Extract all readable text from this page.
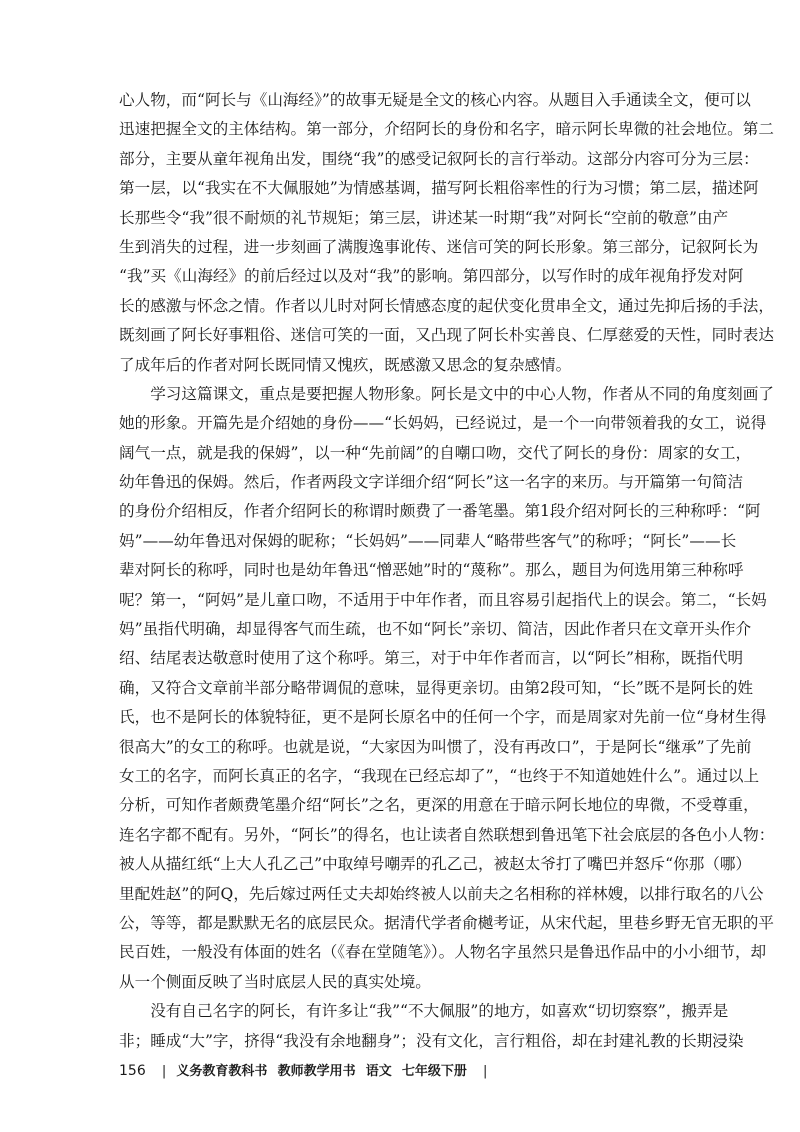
心人物，而“阿长与《山海经》”的故事无疑是全文的核心内容。从题目入手通读全文，便可以
迅速把握全文的主体结构。第一部分，介绍阿长的身份和名字，暗示阿长卑微的社会地位。第二
部分，主要从童年视角出发，围绕“我”的感受记叙阿长的言行举动。这部分内容可分为三层：
第一层，以“我实在不大佩服她”为情感基调，描写阿长粗俗率性的行为习惯；第二层，描述阿
长那些令“我”很不耐烦的礼节规矩；第三层，讲述某一时期“我”对阿长“空前的敬意”由产
生到消失的过程，进一步刻画了满腹逸事讹传、迷信可笑的阿长形象。第三部分，记叙阿长为
“我”买《山海经》的前后经过以及对“我”的影响。第四部分，以写作时的成年视角抒发对阿
长的感激与怀念之情。作者以儿时对阿长情感态度的起伏变化贯串全文，通过先抑后扬的手法，
既刻画了阿长好事粗俗、迷信可笑的一面，又凸现了阿长朴实善良、仁厚慈爱的天性，同时表达
了成年后的作者对阿长既同情又愧疚，既感激又思念的复杂感情。
　　学习这篇课文，重点是要把握人物形象。阿长是文中的中心人物，作者从不同的角度刻画了
她的形象。开篇先是介绍她的身份——“长妈妈，已经说过，是一个一向带领着我的女工，说得
阔气一点，就是我的保姆”，以一种“先前阔”的自嘲口吻，交代了阿长的身份：周家的女工，
幼年鲁迅的保姆。然后，作者两段文字详细介绍“阿长”这一名字的来历。与开篇第一句简洁
的身份介绍相反，作者介绍阿长的称谓时颇费了一番笔墨。第1段介绍对阿长的三种称呼：“阿
妈”——幼年鲁迅对保姆的昵称；“长妈妈”——同辈人“略带些客气”的称呼；“阿长”——长
辈对阿长的称呼，同时也是幼年鲁迅“憎恶她”时的“蔑称”。那么，题目为何选用第三种称呼
呢？第一，“阿妈”是儿童口吻，不适用于中年作者，而且容易引起指代上的误会。第二，“长妈
妈”虽指代明确，却显得客气而生疏，也不如“阿长”亲切、简洁，因此作者只在文章开头作介
绍、结尾表达敬意时使用了这个称呼。第三，对于中年作者而言，以“阿长”相称，既指代明
确，又符合文章前半部分略带调侃的意味，显得更亲切。由第2段可知，“长”既不是阿长的姓
氏，也不是阿长的体貌特征，更不是阿长原名中的任何一个字，而是周家对先前一位“身材生得
很高大”的女工的称呼。也就是说，“大家因为叫惯了，没有再改口”，于是阿长“继承”了先前
女工的名字，而阿长真正的名字，“我现在已经忘却了”，“也终于不知道她姓什么”。通过以上
分析，可知作者颇费笔墨介绍“阿长”之名，更深的用意在于暗示阿长地位的卑微，不受尊重，
连名字都不配有。另外，“阿长”的得名，也让读者自然联想到鲁迅笔下社会底层的各色小人物：
被人从描红纸“上大人孔乙己”中取绰号嘲弄的孔乙己，被赵太爷打了嘴巴并怒斥“你那（哪）
里配姓赵”的阿Q，先后嫁过两任丈夫却始终被人以前夫之名相称的祥林嫂，以排行取名的八公
公，等等，都是默默无名的底层民众。据清代学者俞樾考证，从宋代起，里巷乡野无官无职的平
民百姓，一般没有体面的姓名（《春在堂随笔》）。人物名字虽然只是鲁迅作品中的小小细节，却
从一个侧面反映了当时底层人民的真实处境。
　　没有自己名字的阿长，有许多让“我”“不大佩服”的地方，如喜欢“切切察察”，搬弄是
非；睡成“大”字，挤得“我没有余地翻身”；没有文化，言行粗俗，却在封建礼教的长期浸染
156 | 义务教育教科书 教师教学用书 语文 七年级下册 |
